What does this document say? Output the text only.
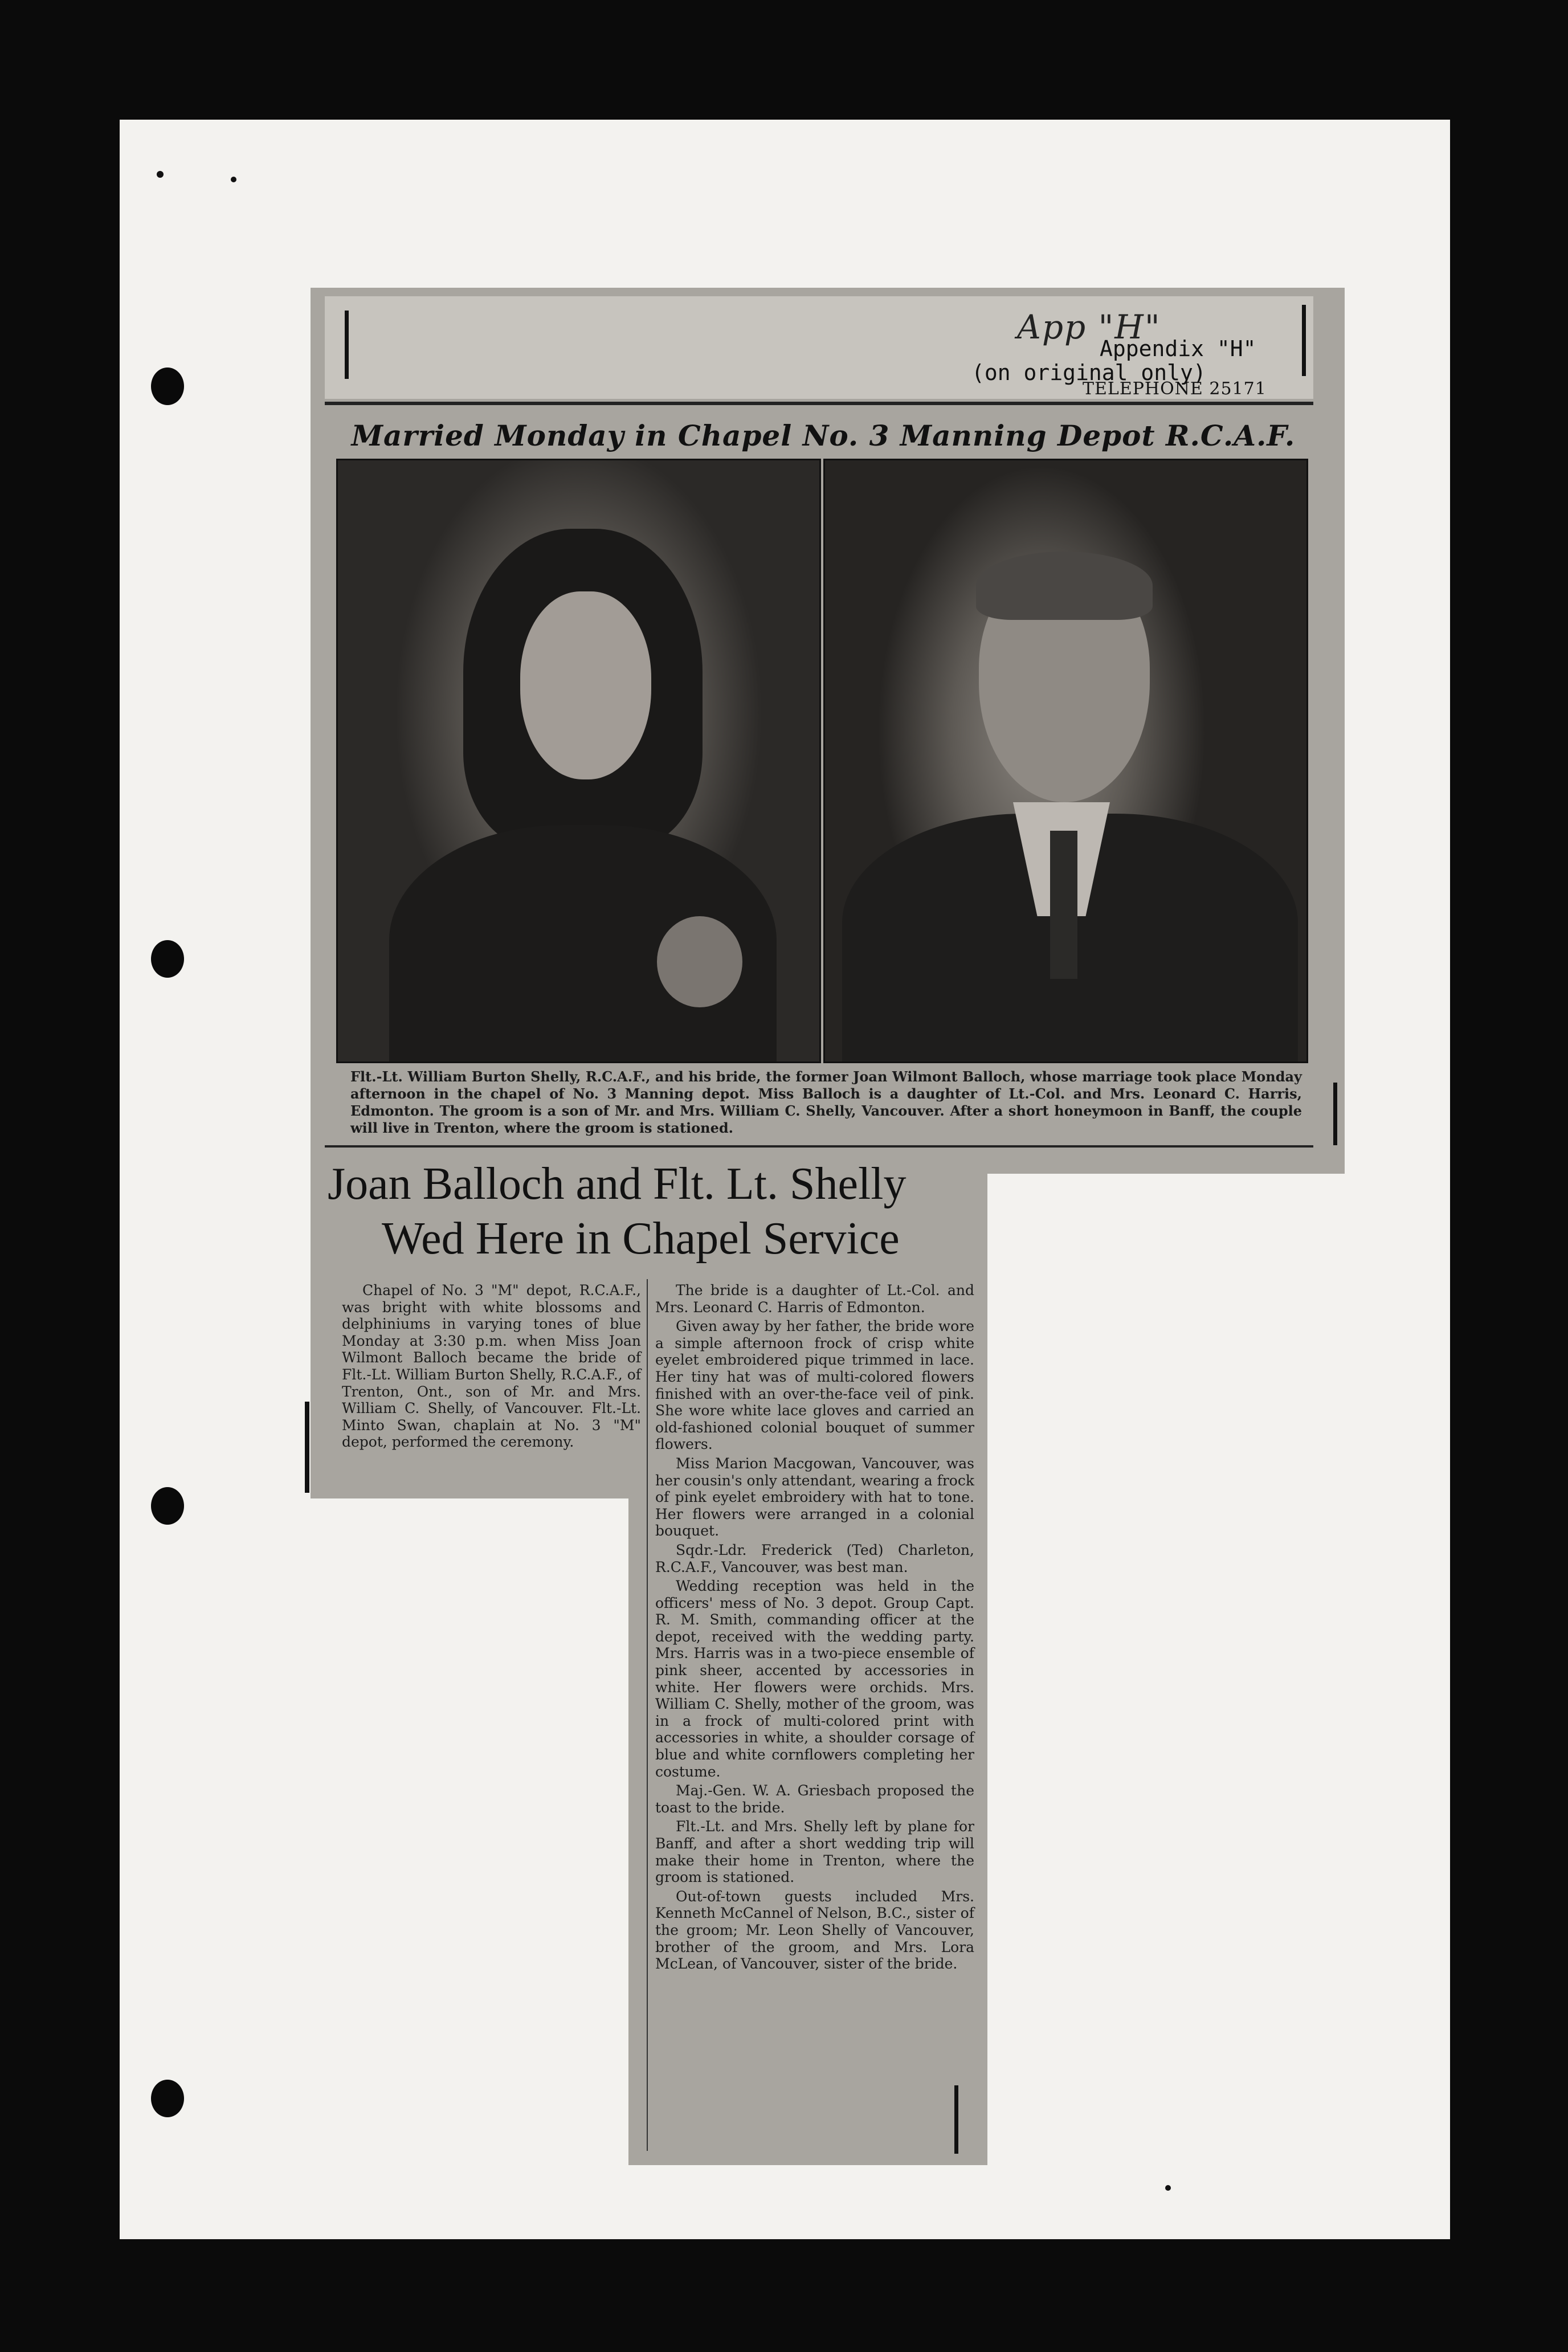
App "H"
Appendix "H"
(on original only)
TELEPHONE 25171
Married Monday in Chapel No. 3 Manning Depot R.C.A.F.
Flt.-Lt. William Burton Shelly, R.C.A.F., and his bride, the former Joan Wilmont Balloch, whose marriage took place Monday afternoon in the chapel of No. 3 Manning depot. Miss Balloch is a daughter of Lt.-Col. and Mrs. Leonard C. Harris, Edmonton. The groom is a son of Mr. and Mrs. William C. Shelly, Vancouver. After a short honeymoon in Banff, the couple will live in Trenton, where the groom is stationed.
Joan Balloch and Flt. Lt. Shelly
Wed Here in Chapel Service

Chapel of No. 3 "M" depot, R.C.A.F., was bright with white blossoms and delphiniums in varying tones of blue Monday at 3:30 p.m. when Miss Joan Wilmont Balloch became the bride of Flt.-Lt. William Burton Shelly, R.C.A.F., of Trenton, Ont., son of Mr. and Mrs. William C. Shelly, of Vancouver. Flt.-Lt. Minto Swan, chaplain at No. 3 "M" depot, performed the ceremony.

The bride is a daughter of Lt.-Col. and Mrs. Leonard C. Harris of Edmonton.

Given away by her father, the bride wore a simple afternoon frock of crisp white eyelet embroidered pique trimmed in lace. Her tiny hat was of multi-colored flowers finished with an over-the-face veil of pink. She wore white lace gloves and carried an old-fashioned colonial bouquet of summer flowers.

Miss Marion Macgowan, Vancouver, was her cousin's only attendant, wearing a frock of pink eyelet embroidery with hat to tone. Her flowers were arranged in a colonial bouquet.

Sqdr.-Ldr. Frederick (Ted) Charleton, R.C.A.F., Vancouver, was best man.

Wedding reception was held in the officers' mess of No. 3 depot. Group Capt. R. M. Smith, commanding officer at the depot, received with the wedding party. Mrs. Harris was in a two-piece ensemble of pink sheer, accented by accessories in white. Her flowers were orchids. Mrs. William C. Shelly, mother of the groom, was in a frock of multi-colored print with accessories in white, a shoulder corsage of blue and white cornflowers completing her costume.

Maj.-Gen. W. A. Griesbach proposed the toast to the bride.

Flt.-Lt. and Mrs. Shelly left by plane for Banff, and after a short wedding trip will make their home in Trenton, where the groom is stationed.

Out-of-town guests included Mrs. Kenneth McCannel of Nelson, B.C., sister of the groom; Mr. Leon Shelly of Vancouver, brother of the groom, and Mrs. Lora McLean, of Vancouver, sister of the bride.
